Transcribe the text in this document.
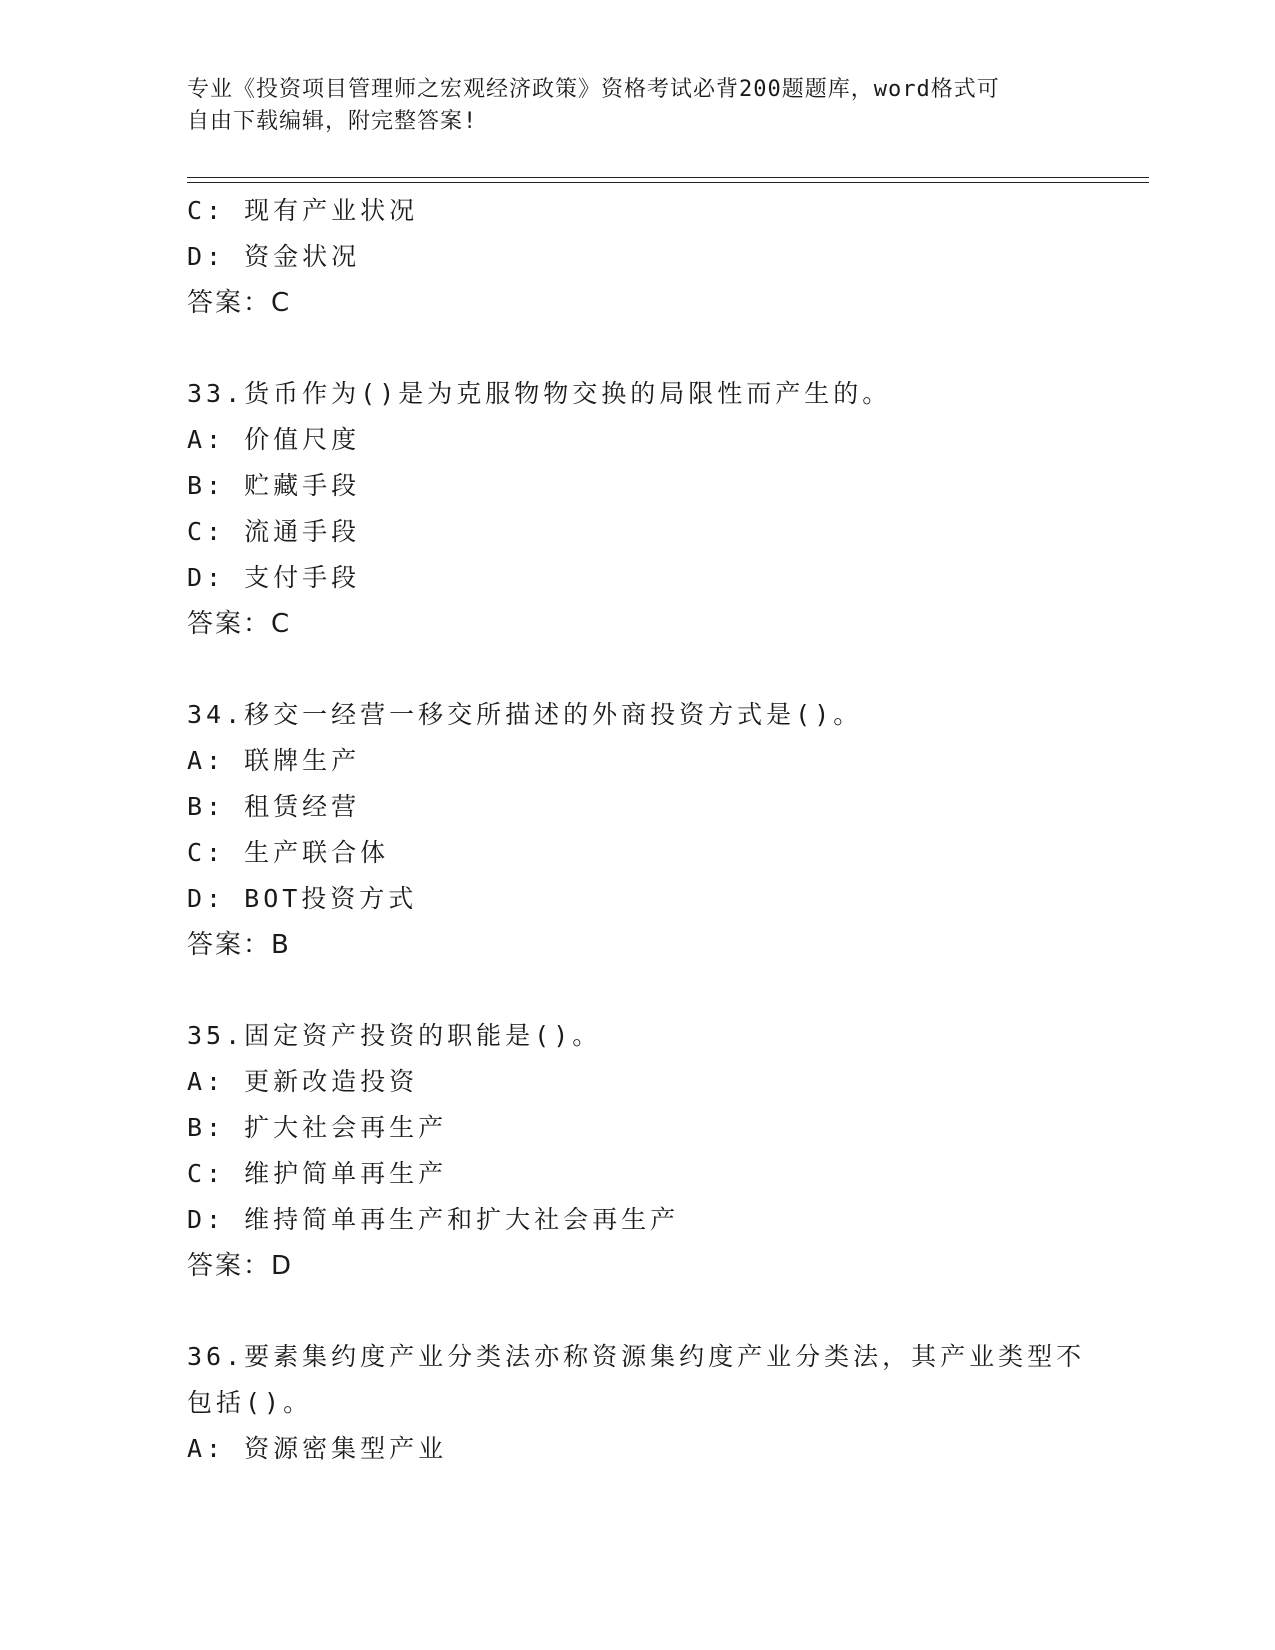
专业《投资项目管理师之宏观经济政策》资格考试必背200题题库，word格式可
自由下载编辑，附完整答案!
C: 现有产业状况
D: 资金状况
答案：C
33.货币作为()是为克服物物交换的局限性而产生的。
A: 价值尺度
B: 贮藏手段
C: 流通手段
D: 支付手段
答案：C
34.移交一经营一移交所描述的外商投资方式是()。
A: 联牌生产
B: 租赁经营
C: 生产联合体
D: BOT投资方式
答案：B
35.固定资产投资的职能是()。
A: 更新改造投资
B: 扩大社会再生产
C: 维护简单再生产
D: 维持简单再生产和扩大社会再生产
答案：D
36.要素集约度产业分类法亦称资源集约度产业分类法，其产业类型不
包括()。
A: 资源密集型产业
